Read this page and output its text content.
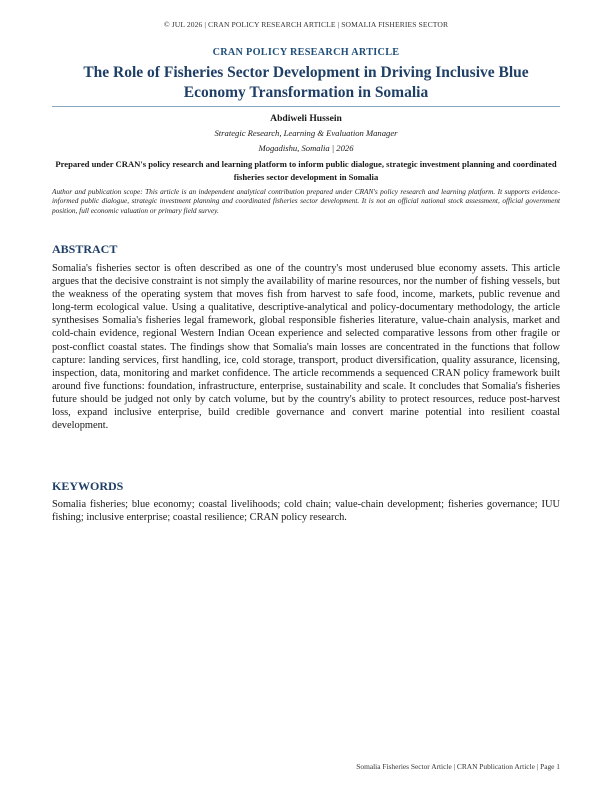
© JUL 2026 | CRAN POLICY RESEARCH ARTICLE | SOMALIA FISHERIES SECTOR
CRAN POLICY RESEARCH ARTICLE
The Role of Fisheries Sector Development in Driving Inclusive Blue Economy Transformation in Somalia
Abdiweli Hussein
Strategic Research, Learning & Evaluation Manager
Mogadishu, Somalia | 2026

Prepared under CRAN's policy research and learning platform to inform public dialogue, strategic investment planning and coordinated fisheries sector development in Somalia

Author and publication scope: This article is an independent analytical contribution prepared under CRAN's policy research and learning platform. It supports evidence-informed public dialogue, strategic investment planning and coordinated fisheries sector development. It is not an official national stock assessment, official government position, full economic valuation or primary field survey.

ABSTRACT

Somalia's fisheries sector is often described as one of the country's most underused blue economy assets. This article argues that the decisive constraint is not simply the availability of marine resources, nor the number of fishing vessels, but the weakness of the operating system that moves fish from harvest to safe food, income, markets, public revenue and long-term ecological value. Using a qualitative, descriptive-analytical and policy-documentary methodology, the article synthesises Somalia's fisheries legal framework, global responsible fisheries literature, value-chain analysis, market and cold-chain evidence, regional Western Indian Ocean experience and selected comparative lessons from other fragile or post-conflict coastal states. The findings show that Somalia's main losses are concentrated in the functions that follow capture: landing services, first handling, ice, cold storage, transport, product diversification, quality assurance, licensing, inspection, data, monitoring and market confidence. The article recommends a sequenced CRAN policy framework built around five functions: foundation, infrastructure, enterprise, sustainability and scale. It concludes that Somalia's fisheries future should be judged not only by catch volume, but by the country's ability to protect resources, reduce post-harvest loss, expand inclusive enterprise, build credible governance and convert marine potential into resilient coastal development.

KEYWORDS

Somalia fisheries; blue economy; coastal livelihoods; cold chain; value-chain development; fisheries governance; IUU fishing; inclusive enterprise; coastal resilience; CRAN policy research.

Somalia Fisheries Sector Article | CRAN Publication Article | Page 1
